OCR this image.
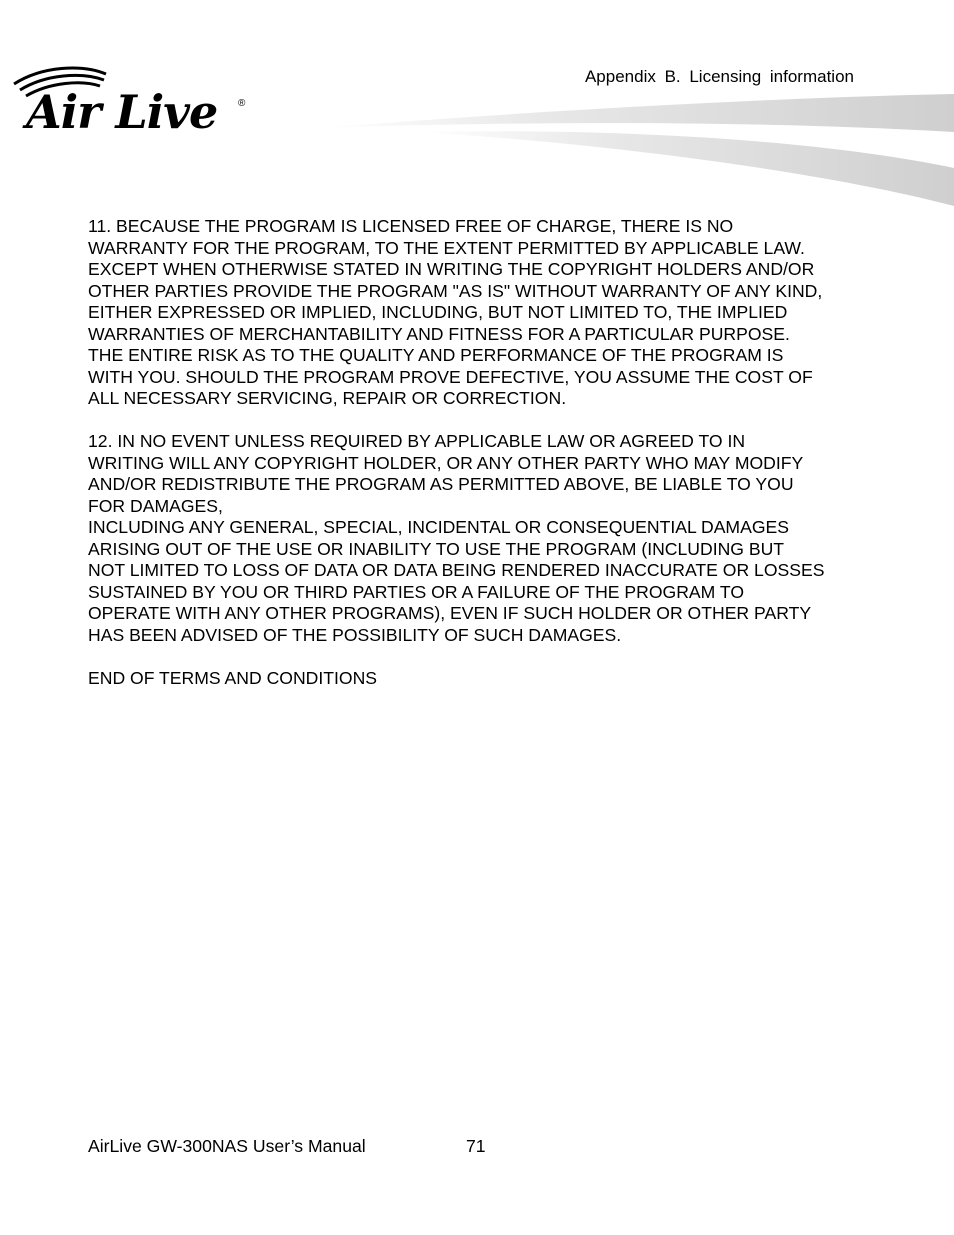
Air Live ®
Appendix B. Licensing information

11. BECAUSE THE PROGRAM IS LICENSED FREE OF CHARGE, THERE IS NO
WARRANTY FOR THE PROGRAM, TO THE EXTENT PERMITTED BY APPLICABLE LAW.
EXCEPT WHEN OTHERWISE STATED IN WRITING THE COPYRIGHT HOLDERS AND/OR
OTHER PARTIES PROVIDE THE PROGRAM "AS IS" WITHOUT WARRANTY OF ANY KIND,
EITHER EXPRESSED OR IMPLIED, INCLUDING, BUT NOT LIMITED TO, THE IMPLIED
WARRANTIES OF MERCHANTABILITY AND FITNESS FOR A PARTICULAR PURPOSE.
THE ENTIRE RISK AS TO THE QUALITY AND PERFORMANCE OF THE PROGRAM IS
WITH YOU. SHOULD THE PROGRAM PROVE DEFECTIVE, YOU ASSUME THE COST OF
ALL NECESSARY SERVICING, REPAIR OR CORRECTION.

12. IN NO EVENT UNLESS REQUIRED BY APPLICABLE LAW OR AGREED TO IN
WRITING WILL ANY COPYRIGHT HOLDER, OR ANY OTHER PARTY WHO MAY MODIFY
AND/OR REDISTRIBUTE THE PROGRAM AS PERMITTED ABOVE, BE LIABLE TO YOU
FOR DAMAGES,
INCLUDING ANY GENERAL, SPECIAL, INCIDENTAL OR CONSEQUENTIAL DAMAGES
ARISING OUT OF THE USE OR INABILITY TO USE THE PROGRAM (INCLUDING BUT
NOT LIMITED TO LOSS OF DATA OR DATA BEING RENDERED INACCURATE OR LOSSES
SUSTAINED BY YOU OR THIRD PARTIES OR A FAILURE OF THE PROGRAM TO
OPERATE WITH ANY OTHER PROGRAMS), EVEN IF SUCH HOLDER OR OTHER PARTY
HAS BEEN ADVISED OF THE POSSIBILITY OF SUCH DAMAGES.

END OF TERMS AND CONDITIONS

AirLive GW-300NAS User’s Manual	71
